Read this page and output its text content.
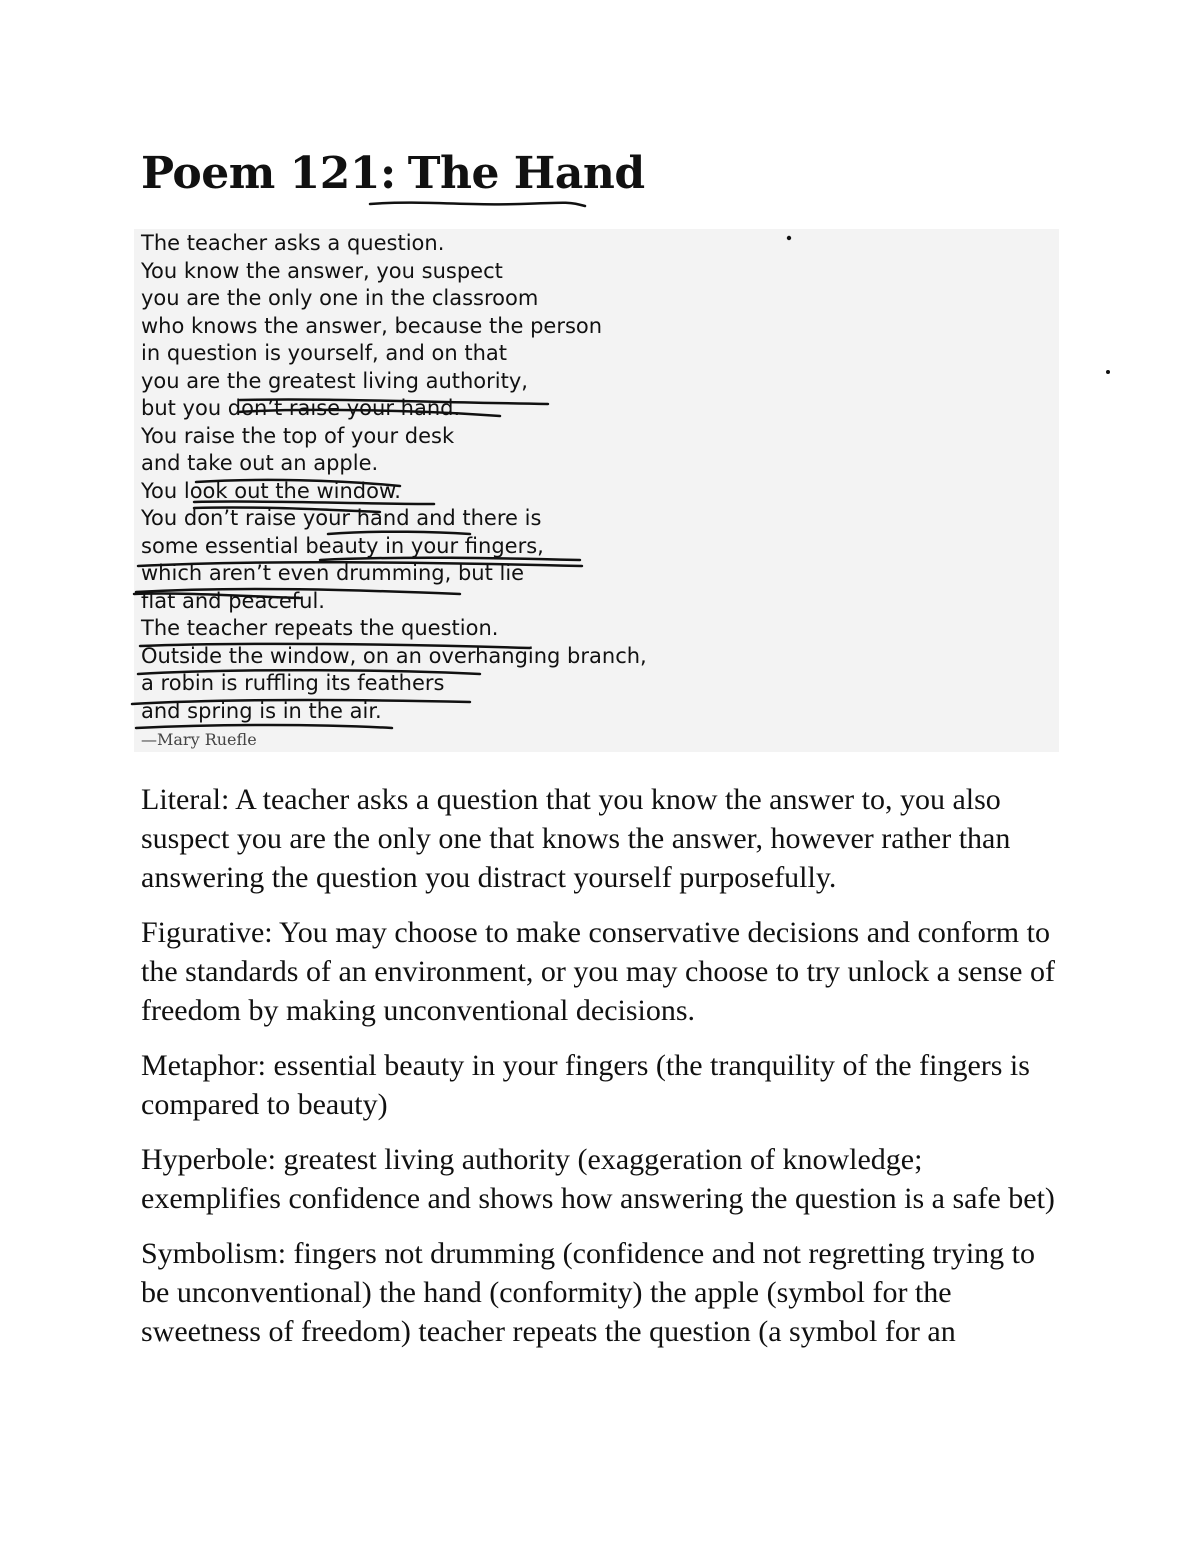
Poem 121: The Hand
The teacher asks a question.
You know the answer, you suspect
you are the only one in the classroom
who knows the answer, because the person
in question is yourself, and on that
you are the greatest living authority,
but you don’t raise your hand.
You raise the top of your desk
and take out an apple.
You look out the window.
You don’t raise your hand and there is
some essential beauty in your fingers,
which aren’t even drumming, but lie
flat and peaceful.
The teacher repeats the question.
Outside the window, on an overhanging branch,
a robin is ruffling its feathers
and spring is in the air.

—Mary Ruefle

Literal: A teacher asks a question that you know the answer to, you also suspect you are the only one that knows the answer, however rather than answering the question you distract yourself purposefully.

Figurative: You may choose to make conservative decisions and conform to the standards of an environment, or you may choose to try unlock a sense of freedom by making unconventional decisions.

Metaphor: essential beauty in your fingers (the tranquility of the fingers is compared to beauty)

Hyperbole: greatest living authority (exaggeration of knowledge; exemplifies confidence and shows how answering the question is a safe bet)

Symbolism: fingers not drumming (confidence and not regretting trying to be unconventional) the hand (conformity) the apple (symbol for the sweetness of freedom) teacher repeats the question (a symbol for an
